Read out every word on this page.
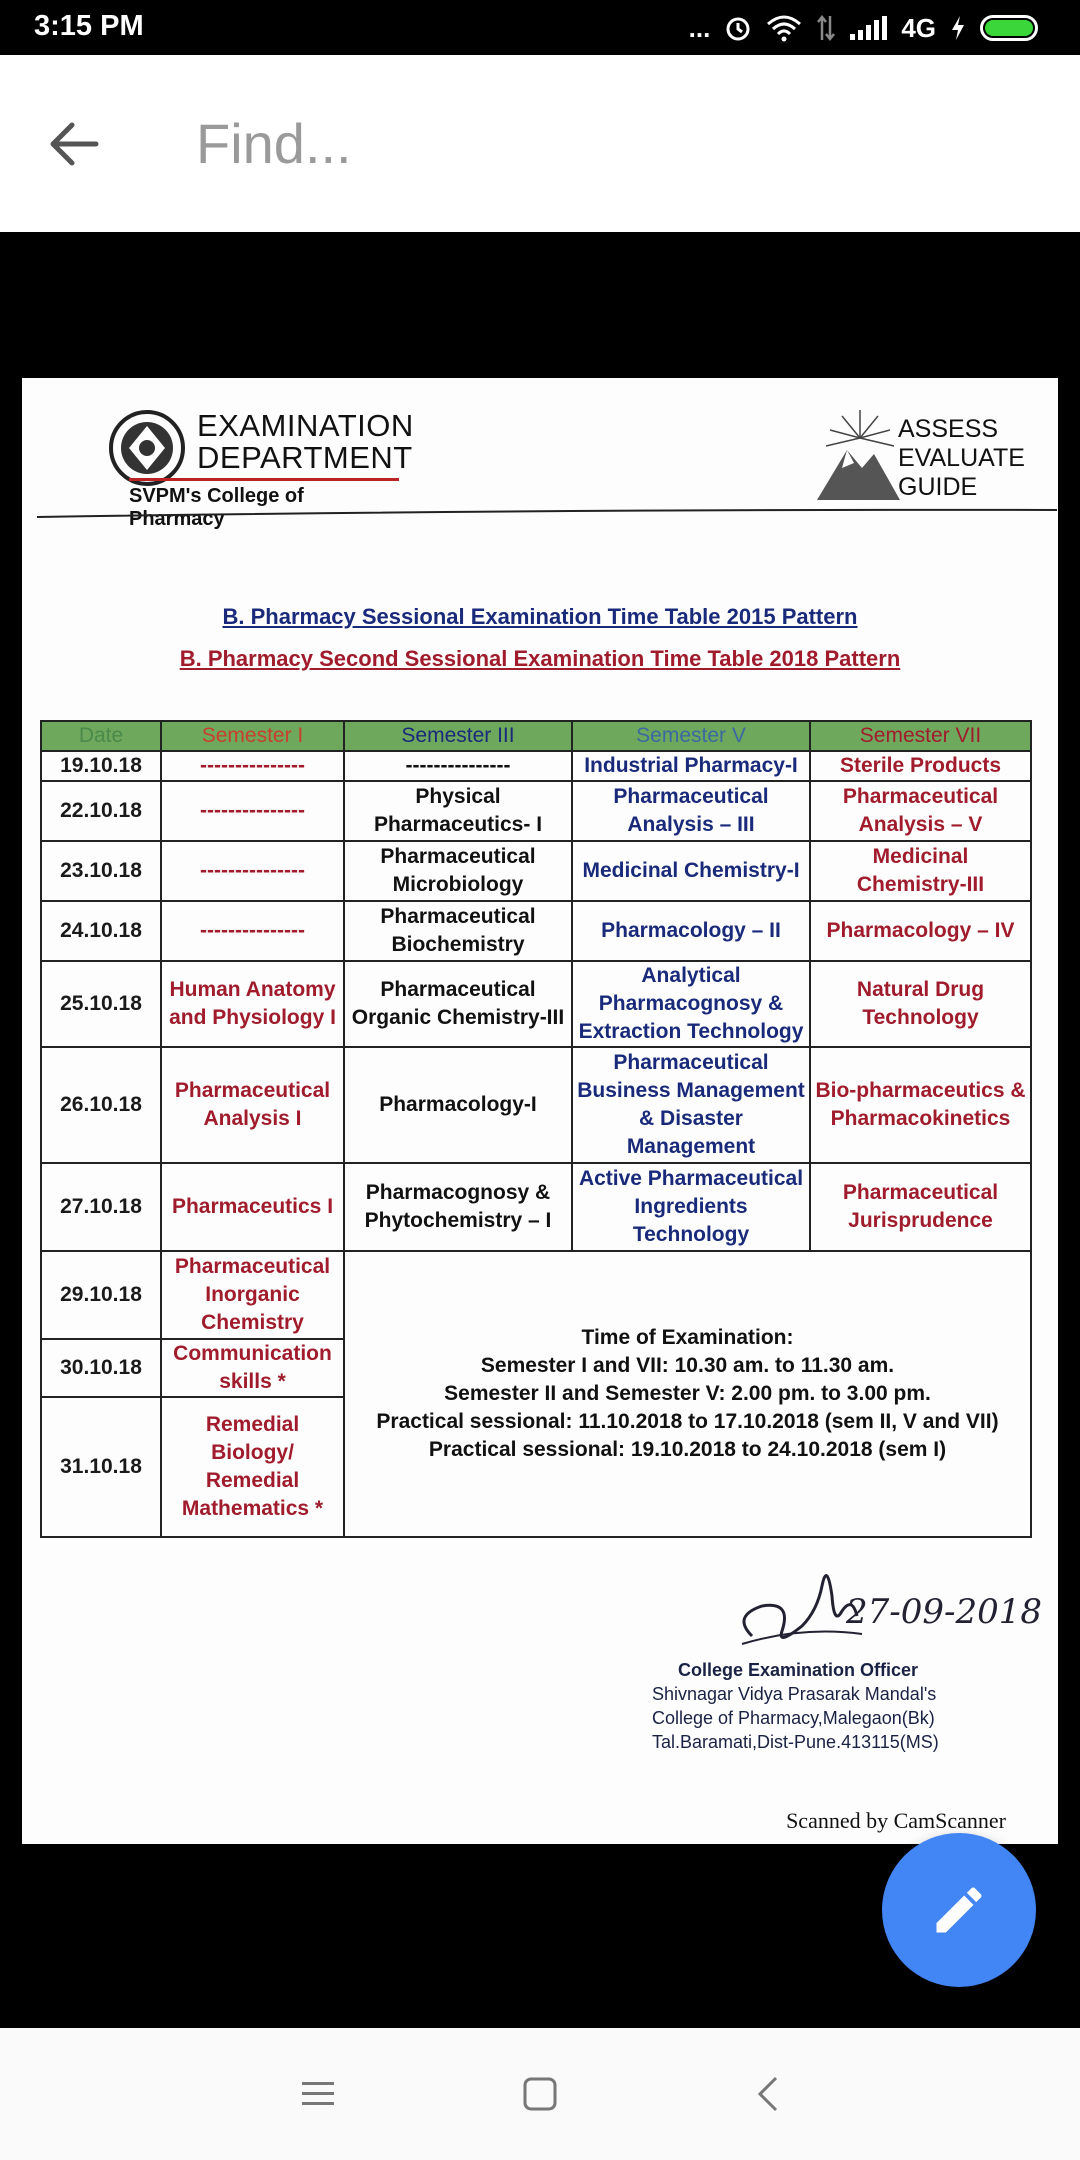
3:15 PM	...	4G
Find...
EXAMINATION
DEPARTMENT
SVPM's College of Pharmacy
ASSESS
EVALUATE
GUIDE
B. Pharmacy Sessional Examination Time Table 2015 Pattern
B. Pharmacy Second Sessional Examination Time Table 2018 Pattern
Date	Semester I	Semester III	Semester V	Semester VII
19.10.18	---------------	---------------	Industrial Pharmacy-I	Sterile Products
22.10.18	---------------	Physical Pharmaceutics- I	Pharmaceutical Analysis – III	Pharmaceutical Analysis – V
23.10.18	---------------	Pharmaceutical Microbiology	Medicinal Chemistry-I	Medicinal Chemistry-III
24.10.18	---------------	Pharmaceutical Biochemistry	Pharmacology – II	Pharmacology – IV
25.10.18	Human Anatomy and Physiology I	Pharmaceutical Organic Chemistry-III	Analytical Pharmacognosy & Extraction Technology	Natural Drug Technology
26.10.18	Pharmaceutical Analysis I	Pharmacology-I	Pharmaceutical Business Management & Disaster Management	Bio-pharmaceutics & Pharmacokinetics
27.10.18	Pharmaceutics I	Pharmacognosy & Phytochemistry – I	Active Pharmaceutical Ingredients Technology	Pharmaceutical Jurisprudence
29.10.18	Pharmaceutical Inorganic Chemistry	Time of Examination:
Semester I and VII: 10.30 am. to 11.30 am.
Semester II and Semester V: 2.00 pm. to 3.00 pm.
Practical sessional: 11.10.2018 to 17.10.2018 (sem II, V and VII)
Practical sessional: 19.10.2018 to 24.10.2018 (sem I)		

30.10.18	Communication skills *			
31.10.18	Remedial Biology/ Remedial Mathematics *			
27-09-2018
College Examination Officer
Shivnagar Vidya Prasarak Mandal's
College of Pharmacy,Malegaon(Bk)
Tal.Baramati,Dist-Pune.413115(MS)
Scanned by CamScanner
